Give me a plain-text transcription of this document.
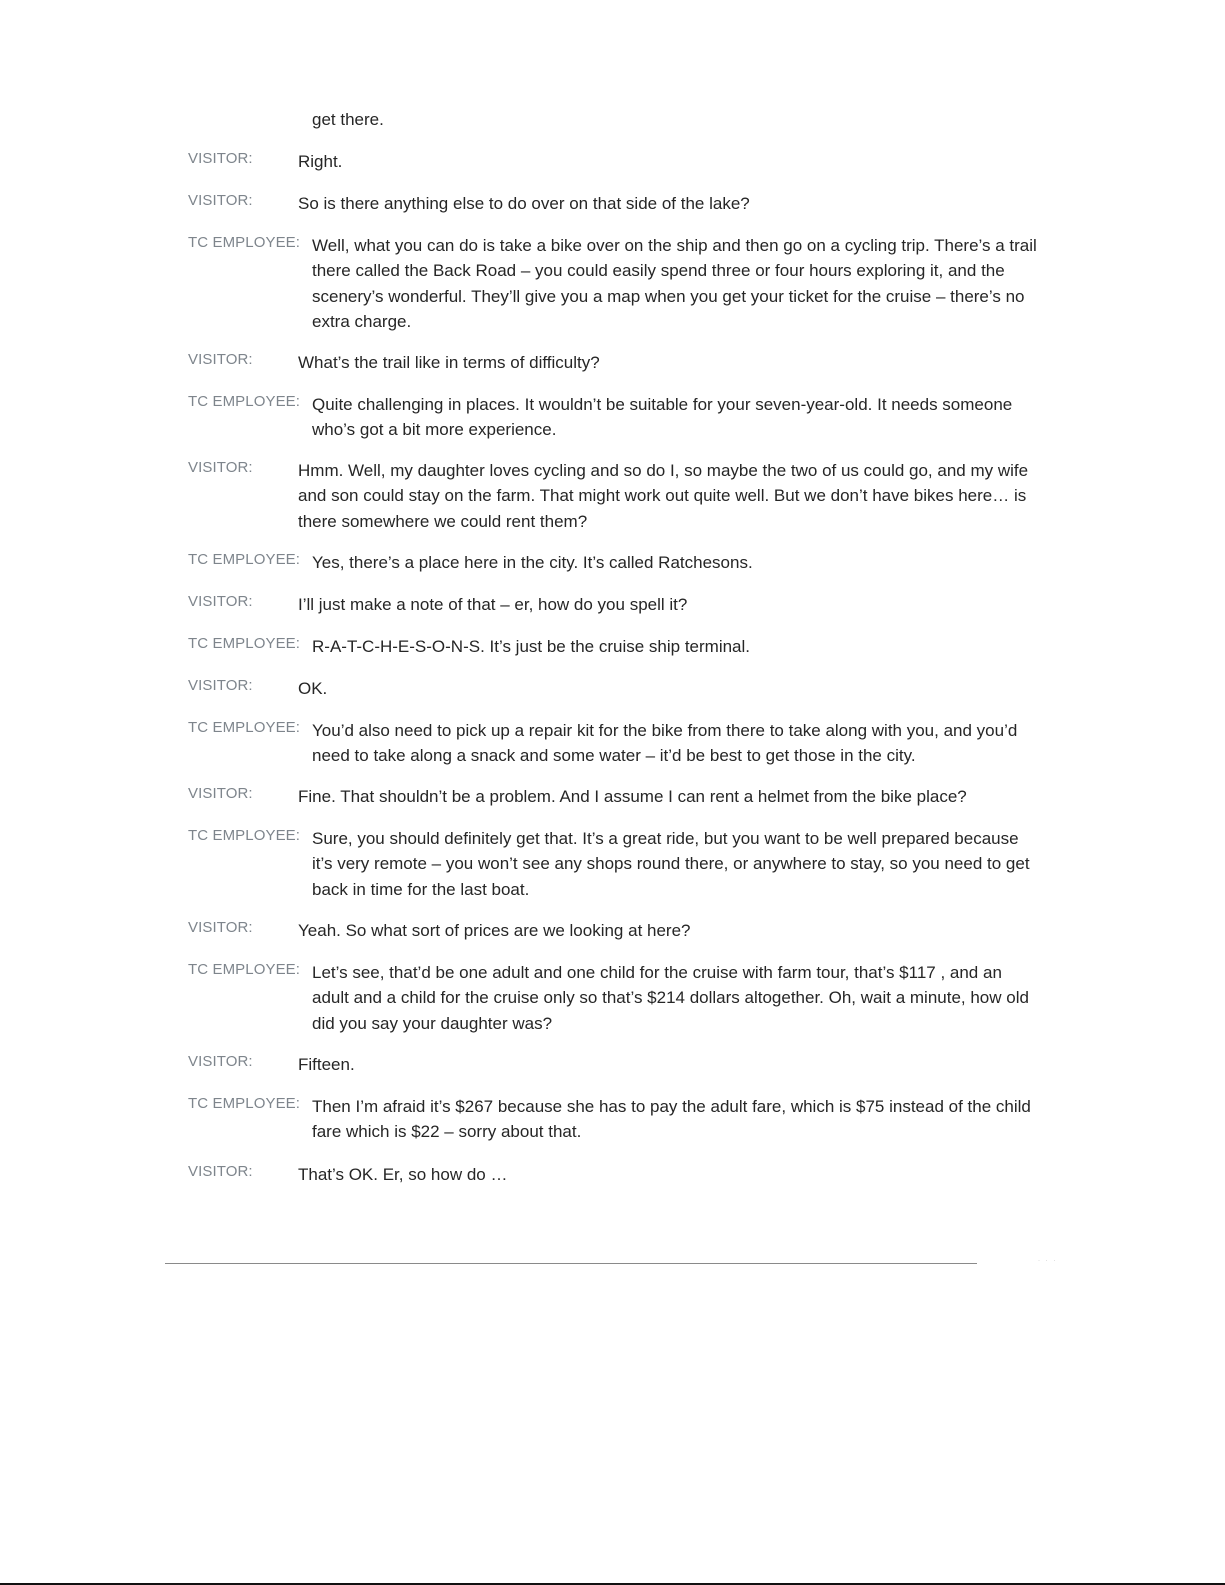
get there.
VISITOR:	Right.
VISITOR:	So is there anything else to do over on that side of the lake?
TC EMPLOYEE: Well, what you can do is take a bike over on the ship and then go on a cycling trip. There’s a trail there called the Back Road – you could easily spend three or four hours exploring it, and the scenery’s wonderful. They’ll give you a map when you get your ticket for the cruise – there’s no extra charge.
VISITOR:	What’s the trail like in terms of difficulty?
TC EMPLOYEE: Quite challenging in places. It wouldn’t be suitable for your seven-year-old. It needs someone who’s got a bit more experience.
VISITOR:	Hmm. Well, my daughter loves cycling and so do I, so maybe the two of us could go, and my wife and son could stay on the farm. That might work out quite well. But we don’t have bikes here… is there somewhere we could rent them?
TC EMPLOYEE: Yes, there’s a place here in the city. It’s called Ratchesons.
VISITOR:	I’ll just make a note of that – er, how do you spell it?
TC EMPLOYEE: R-A-T-C-H-E-S-O-N-S. It’s just be the cruise ship terminal.
VISITOR:	OK.
TC EMPLOYEE: You’d also need to pick up a repair kit for the bike from there to take along with you, and you’d need to take along a snack and some water – it’d be best to get those in the city.
VISITOR:	Fine. That shouldn’t be a problem. And I assume I can rent a helmet from the bike place?
TC EMPLOYEE: Sure, you should definitely get that. It’s a great ride, but you want to be well prepared because it’s very remote – you won’t see any shops round there, or anywhere to stay, so you need to get back in time for the last boat.
VISITOR:	Yeah. So what sort of prices are we looking at here?
TC EMPLOYEE: Let’s see, that’d be one adult and one child for the cruise with farm tour, that’s $117 , and an adult and a child for the cruise only so that’s $214 dollars altogether. Oh, wait a minute, how old did you say your daughter was?
VISITOR:	Fifteen.
TC EMPLOYEE: Then I’m afraid it’s $267 because she has to pay the adult fare, which is $75 instead of the child fare which is $22 – sorry about that.
VISITOR:	That’s OK. Er, so how do …
· · ·
